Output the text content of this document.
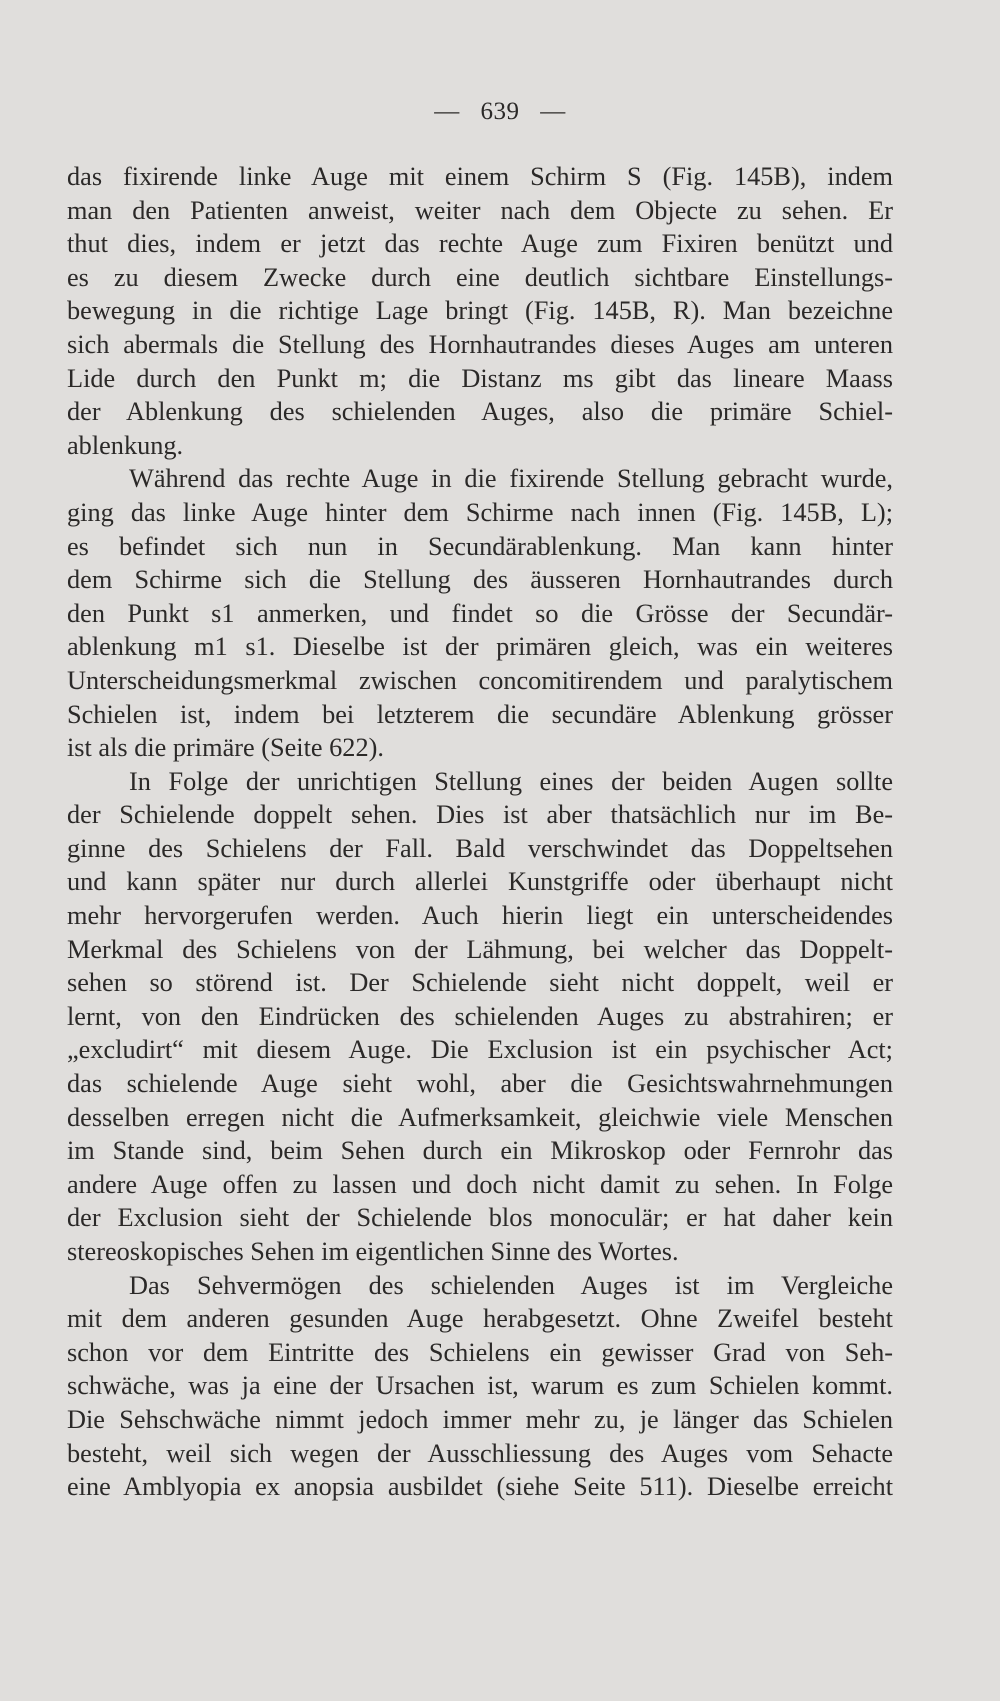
— 639 —
das fixirende linke Auge mit einem Schirm S (Fig. 145B), indem
man den Patienten anweist, weiter nach dem Objecte zu sehen. Er
thut dies, indem er jetzt das rechte Auge zum Fixiren benützt und
es zu diesem Zwecke durch eine deutlich sichtbare Einstellungs-
bewegung in die richtige Lage bringt (Fig. 145B, R). Man bezeichne
sich abermals die Stellung des Hornhautrandes dieses Auges am unteren
Lide durch den Punkt m; die Distanz ms gibt das lineare Maass
der Ablenkung des schielenden Auges, also die primäre Schiel-
ablenkung.
Während das rechte Auge in die fixirende Stellung gebracht wurde,
ging das linke Auge hinter dem Schirme nach innen (Fig. 145B, L);
es befindet sich nun in Secundärablenkung. Man kann hinter
dem Schirme sich die Stellung des äusseren Hornhautrandes durch
den Punkt s1 anmerken, und findet so die Grösse der Secundär-
ablenkung m1 s1. Dieselbe ist der primären gleich, was ein weiteres
Unterscheidungsmerkmal zwischen concomitirendem und paralytischem
Schielen ist, indem bei letzterem die secundäre Ablenkung grösser
ist als die primäre (Seite 622).
In Folge der unrichtigen Stellung eines der beiden Augen sollte
der Schielende doppelt sehen. Dies ist aber thatsächlich nur im Be-
ginne des Schielens der Fall. Bald verschwindet das Doppeltsehen
und kann später nur durch allerlei Kunstgriffe oder überhaupt nicht
mehr hervorgerufen werden. Auch hierin liegt ein unterscheidendes
Merkmal des Schielens von der Lähmung, bei welcher das Doppelt-
sehen so störend ist. Der Schielende sieht nicht doppelt, weil er
lernt, von den Eindrücken des schielenden Auges zu abstrahiren; er
„excludirt“ mit diesem Auge. Die Exclusion ist ein psychischer Act;
das schielende Auge sieht wohl, aber die Gesichtswahrnehmungen
desselben erregen nicht die Aufmerksamkeit, gleichwie viele Menschen
im Stande sind, beim Sehen durch ein Mikroskop oder Fernrohr das
andere Auge offen zu lassen und doch nicht damit zu sehen. In Folge
der Exclusion sieht der Schielende blos monoculär; er hat daher kein
stereoskopisches Sehen im eigentlichen Sinne des Wortes.
Das Sehvermögen des schielenden Auges ist im Vergleiche
mit dem anderen gesunden Auge herabgesetzt. Ohne Zweifel besteht
schon vor dem Eintritte des Schielens ein gewisser Grad von Seh-
schwäche, was ja eine der Ursachen ist, warum es zum Schielen kommt.
Die Sehschwäche nimmt jedoch immer mehr zu, je länger das Schielen
besteht, weil sich wegen der Ausschliessung des Auges vom Sehacte
eine Amblyopia ex anopsia ausbildet (siehe Seite 511). Dieselbe erreicht
